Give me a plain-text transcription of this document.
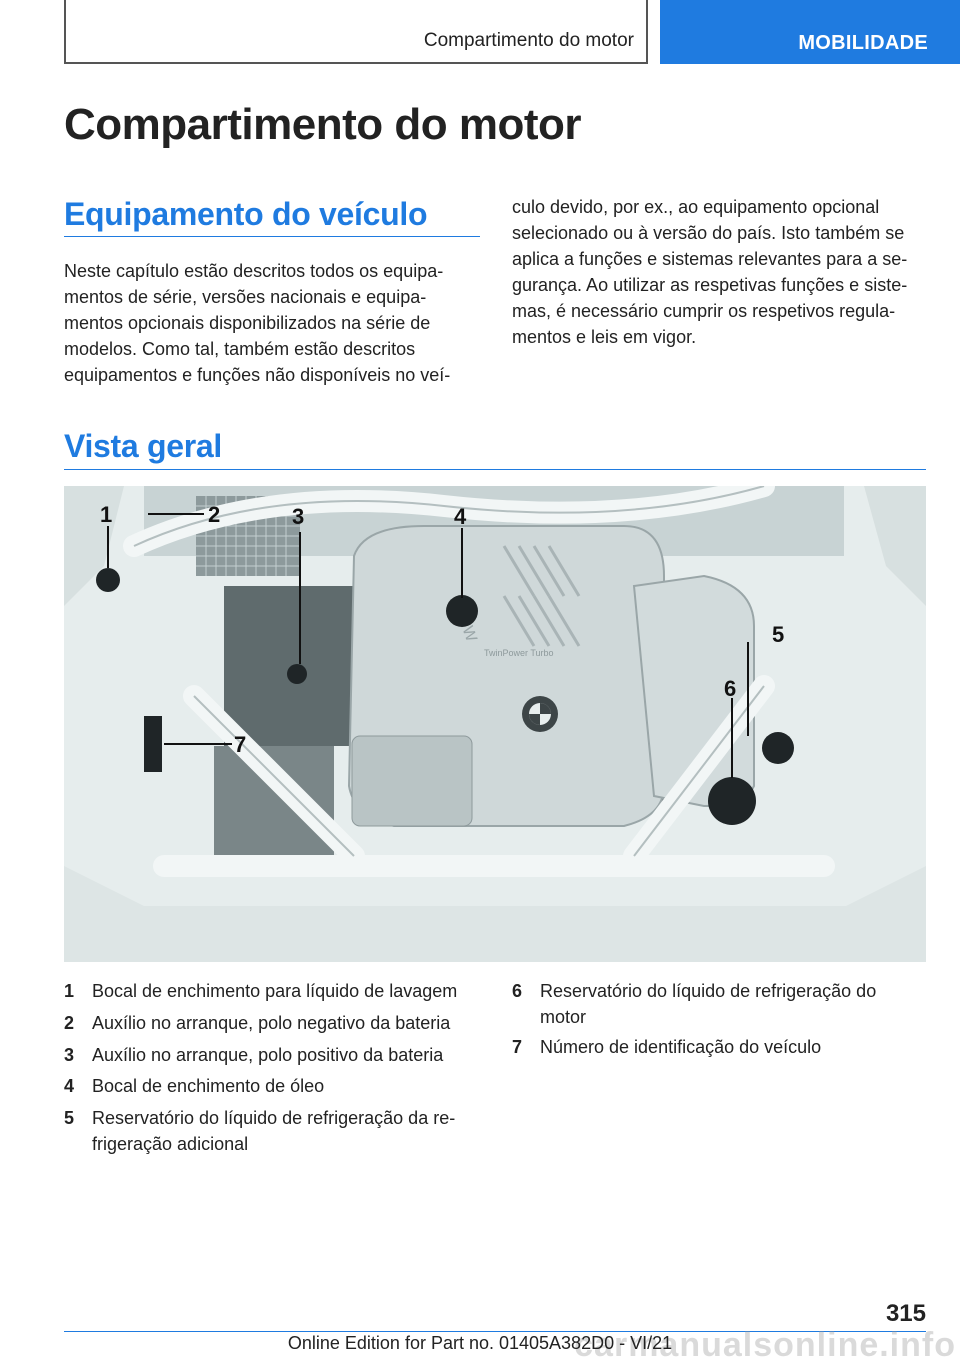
Compartimento do motor	MOBILIDADE
Compartimento do motor
Equipamento do veículo
Neste capítulo estão descritos todos os equipa-
mentos de série, versões nacionais e equipa-
mentos opcionais disponibilizados na série de
modelos. Como tal, também estão descritos
equipamentos e funções não disponíveis no veí-
culo devido, por ex., ao equipamento opcional
selecionado ou à versão do país. Isto também se
aplica a funções e sistemas relevantes para a se-
gurança. Ao utilizar as respetivas funções e siste-
mas, é necessário cumprir os respetivos regula-
mentos e leis em vigor.
Vista geral
TwinPower Turbo
1	2	3	4
5
6
7
1 Bocal de enchimento para líquido de lavagem
2 Auxílio no arranque, polo negativo da bateria
3 Auxílio no arranque, polo positivo da bateria
4 Bocal de enchimento de óleo
5 Reservatório do líquido de refrigeração da re-
frigeração adicional
6 Reservatório do líquido de refrigeração do
motor
7 Número de identificação do veículo
315
carmanualsonline.info
Online Edition for Part no. 01405A382D0 - VI/21
